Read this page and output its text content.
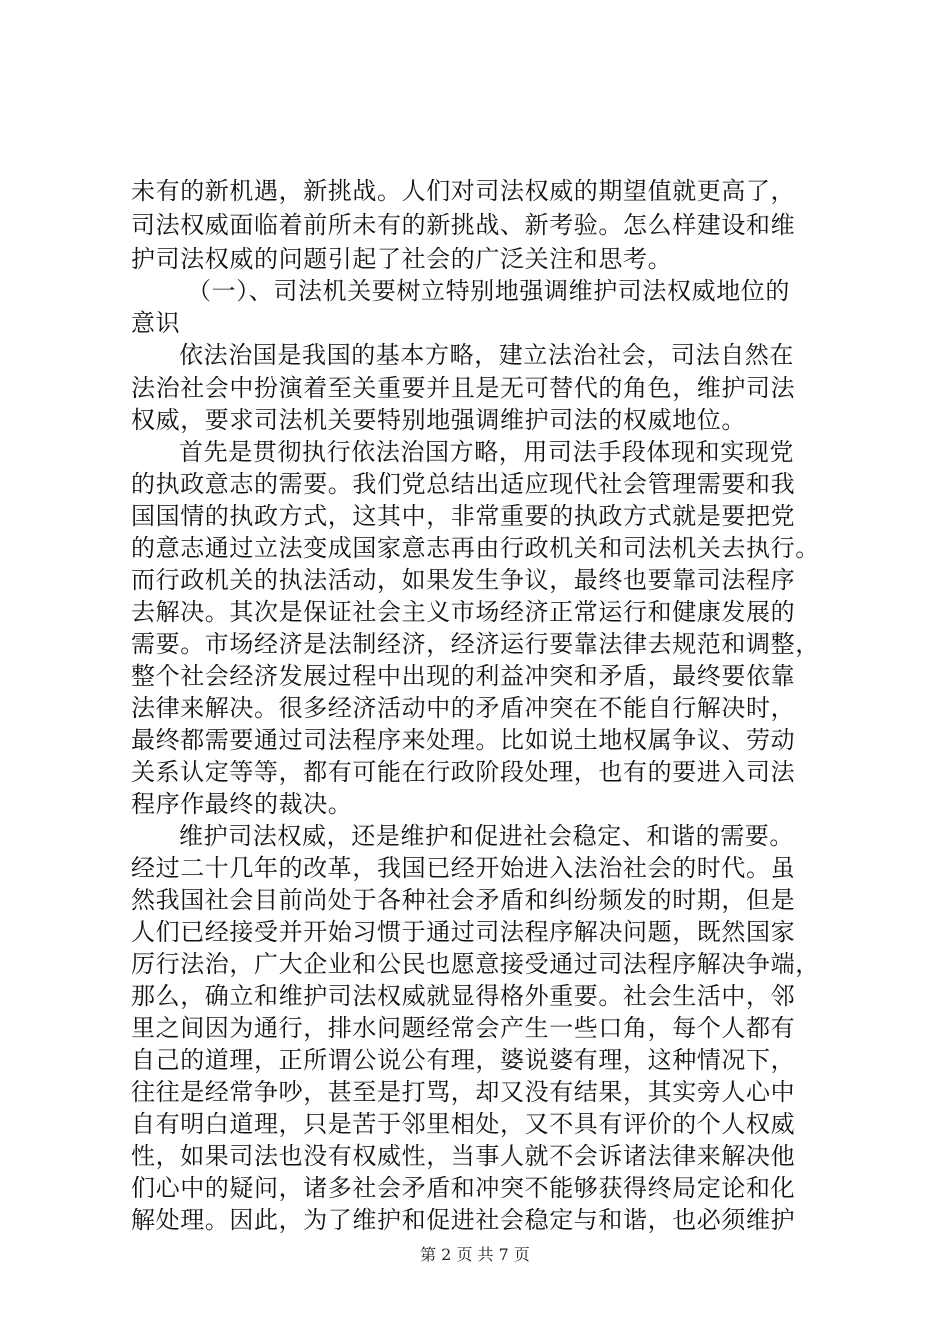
未有的新机遇，新挑战。人们对司法权威的期望值就更高了，
司法权威面临着前所未有的新挑战、新考验。怎么样建设和维
护司法权威的问题引起了社会的广泛关注和思考。
（一）、司法机关要树立特别地强调维护司法权威地位的
意识
依法治国是我国的基本方略，建立法治社会，司法自然在
法治社会中扮演着至关重要并且是无可替代的角色，维护司法
权威，要求司法机关要特别地强调维护司法的权威地位。
首先是贯彻执行依法治国方略，用司法手段体现和实现党
的执政意志的需要。我们党总结出适应现代社会管理需要和我
国国情的执政方式，这其中，非常重要的执政方式就是要把党
的意志通过立法变成国家意志再由行政机关和司法机关去执行。
而行政机关的执法活动，如果发生争议，最终也要靠司法程序
去解决。其次是保证社会主义市场经济正常运行和健康发展的
需要。市场经济是法制经济，经济运行要靠法律去规范和调整，
整个社会经济发展过程中出现的利益冲突和矛盾，最终要依靠
法律来解决。很多经济活动中的矛盾冲突在不能自行解决时，
最终都需要通过司法程序来处理。比如说土地权属争议、劳动
关系认定等等，都有可能在行政阶段处理，也有的要进入司法
程序作最终的裁决。
维护司法权威，还是维护和促进社会稳定、和谐的需要。
经过二十几年的改革，我国已经开始进入法治社会的时代。虽
然我国社会目前尚处于各种社会矛盾和纠纷频发的时期，但是
人们已经接受并开始习惯于通过司法程序解决问题，既然国家
厉行法治，广大企业和公民也愿意接受通过司法程序解决争端，
那么，确立和维护司法权威就显得格外重要。社会生活中，邻
里之间因为通行，排水问题经常会产生一些口角，每个人都有
自己的道理，正所谓公说公有理，婆说婆有理，这种情况下，
往往是经常争吵，甚至是打骂，却又没有结果，其实旁人心中
自有明白道理，只是苦于邻里相处，又不具有评价的个人权威
性，如果司法也没有权威性，当事人就不会诉诸法律来解决他
们心中的疑问，诸多社会矛盾和冲突不能够获得终局定论和化
解处理。因此，为了维护和促进社会稳定与和谐，也必须维护
第 2 页 共 7 页
